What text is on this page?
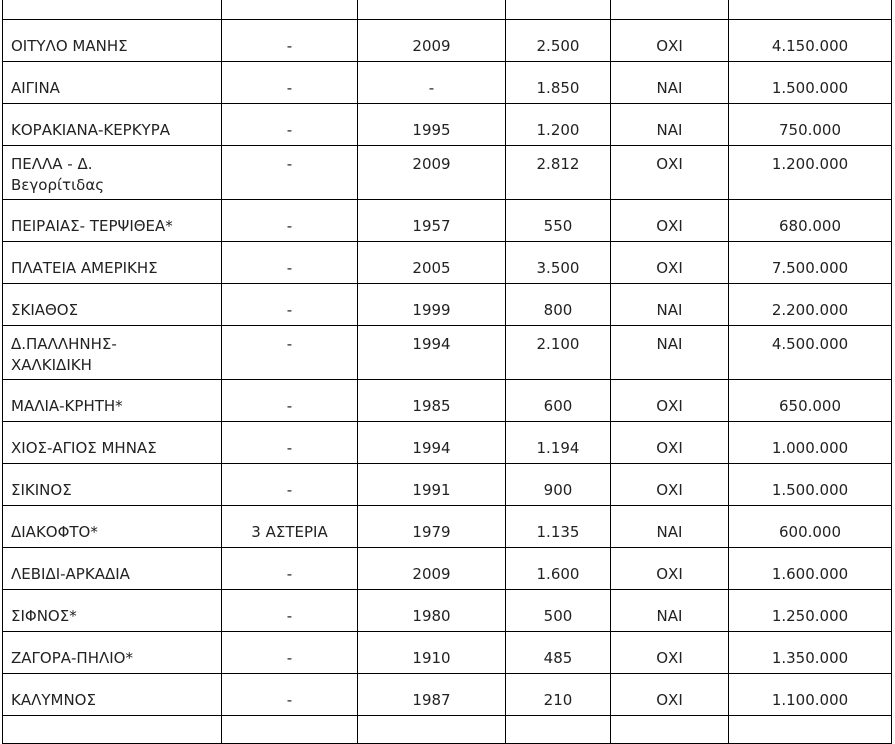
ΟΙΤΥΛΟ ΜΑΝΗΣ	-	2009	2.500	ΟΧΙ	4.150.000
ΑΙΓΙΝΑ	-	-	1.850	ΝΑΙ	1.500.000
ΚΟΡΑΚΙΑΝΑ-ΚΕΡΚΥΡΑ	-	1995	1.200	ΝΑΙ	750.000
ΠΕΛΛΑ - Δ.
Βεγορίτιδας	-	2009	2.812	ΟΧΙ	1.200.000
ΠΕΙΡΑΙΑΣ- ΤΕΡΨΙΘΕΑ*	-	1957	550	ΟΧΙ	680.000
ΠΛΑΤΕΙΑ ΑΜΕΡΙΚΗΣ	-	2005	3.500	ΟΧΙ	7.500.000
ΣΚΙΑΘΟΣ	-	1999	800	ΝΑΙ	2.200.000
Δ.ΠΑΛΛΗΝΗΣ-
ΧΑΛΚΙΔΙΚΗ	-	1994	2.100	ΝΑΙ	4.500.000
ΜΑΛΙΑ-ΚΡΗΤΗ*	-	1985	600	ΟΧΙ	650.000
ΧΙΟΣ-ΑΓΙΟΣ ΜΗΝΑΣ	-	1994	1.194	ΟΧΙ	1.000.000
ΣΙΚΙΝΟΣ	-	1991	900	ΟΧΙ	1.500.000
ΔΙΑΚΟΦΤΟ*	3 ΑΣΤΕΡΙΑ	1979	1.135	ΝΑΙ	600.000
ΛΕΒΙΔΙ-ΑΡΚΑΔΙΑ	-	2009	1.600	ΟΧΙ	1.600.000
ΣΙΦΝΟΣ*	-	1980	500	ΝΑΙ	1.250.000
ΖΑΓΟΡΑ-ΠΗΛΙΟ*	-	1910	485	ΟΧΙ	1.350.000
ΚΑΛΥΜΝΟΣ	-	1987	210	ΟΧΙ	1.100.000
